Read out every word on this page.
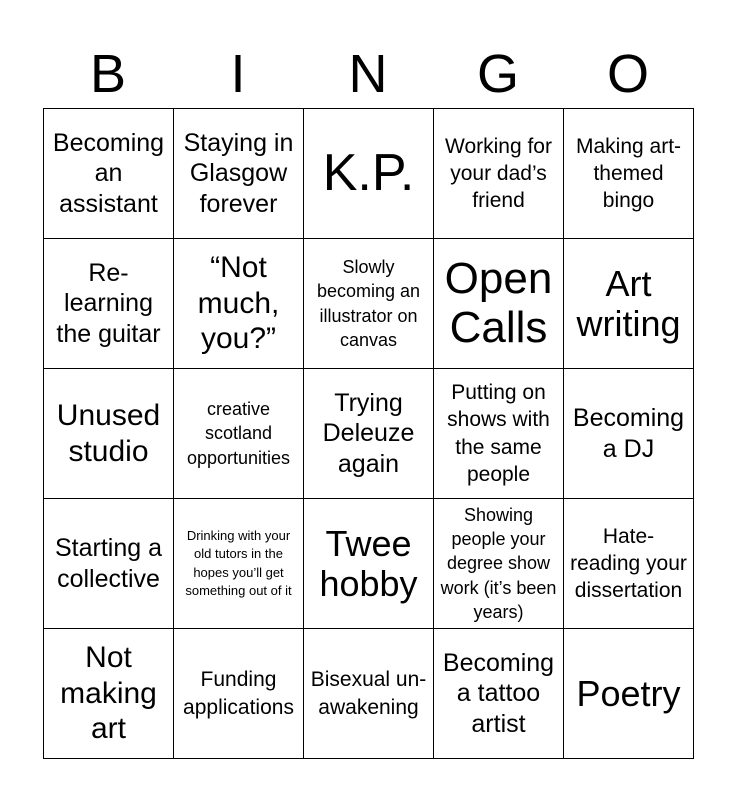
B	I	N	G	O
Becoming an assistant	Staying in Glasgow forever	K.P.	Working for your dad’s friend	Making art-themed bingo
Re-learning the guitar	“Not much, you?”	Slowly becoming an illustrator on canvas	Open Calls	Art writing
Unused studio	creative scotland opportunities	Trying Deleuze again	Putting on shows with the same people	Becoming a DJ
Starting a collective	Drinking with your old tutors in the hopes you’ll get something out of it	Twee hobby	Showing people your degree show work (it’s been years)	Hate-reading your dissertation
Not making art	Funding applications	Bisexual un-awakening	Becoming a tattoo artist	Poetry
